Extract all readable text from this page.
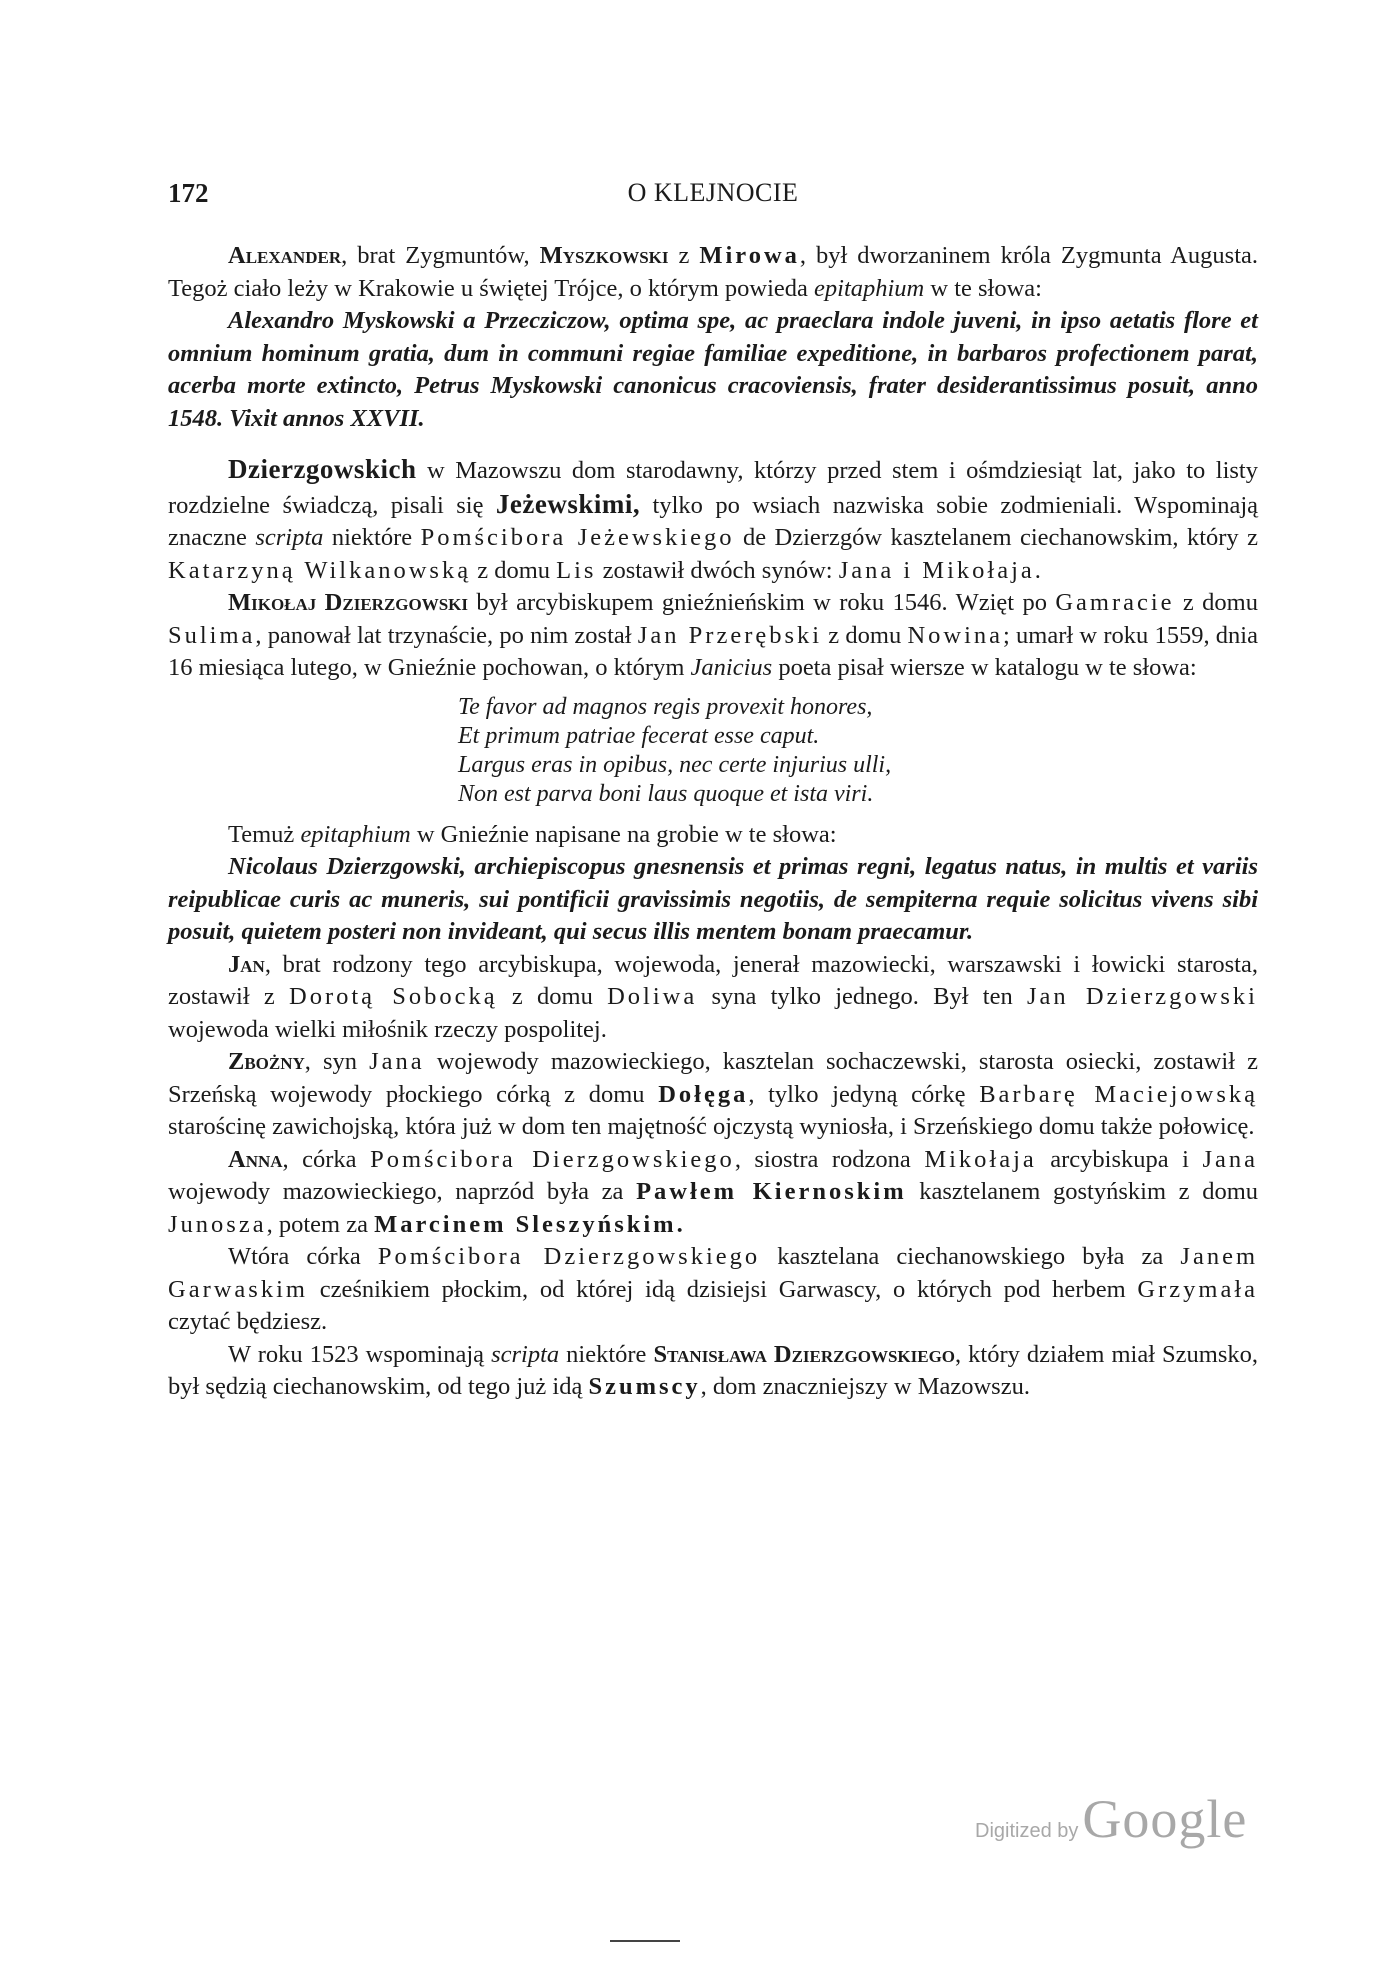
172	O KLEJNOCIE

Alexander, brat Zygmuntów, Myszkowski z Mirowa, był dworzaninem króla Zygmunta Augusta. Tegoż ciało leży w Krakowie u świętej Trójce, o którym powieda epitaphium w te słowa:

Alexandro Myskowski a Przecziczow, optima spe, ac praeclara indole juveni, in ipso aetatis flore et omnium hominum gratia, dum in communi regiae familiae expeditione, in barbaros profectionem parat, acerba morte extincto, Petrus Myskowski canonicus cracoviensis, frater desiderantissimus posuit, anno 1548. Vixit annos XXVII.

Dzierzgowskich w Mazowszu dom starodawny, którzy przed stem i ośmdziesiąt lat, jako to listy rozdzielne świadczą, pisali się Jeżewskimi, tylko po wsiach nazwiska sobie zodmieniali. Wspominają znaczne scripta niektóre Pomścibora Jeżewskiego de Dzierzgów kasztelanem ciechanowskim, który z Katarzyną Wilkanowską z domu Lis zostawił dwóch synów: Jana i Mikołaja.

Mikołaj Dzierzgowski był arcybiskupem gnieźnieńskim w roku 1546. Wzięt po Gamracie z domu Sulima, panował lat trzynaście, po nim został Jan Przerębski z domu Nowina; umarł w roku 1559, dnia 16 miesiąca lutego, w Gnieźnie pochowan, o którym Janicius poeta pisał wiersze w katalogu w te słowa:

Te favor ad magnos regis provexit honores,
Et primum patriae fecerat esse caput.
Largus eras in opibus, nec certe injurius ulli,
Non est parva boni laus quoque et ista viri.

Temuż epitaphium w Gnieźnie napisane na grobie w te słowa:

Nicolaus Dzierzgowski, archiepiscopus gnesnensis et primas regni, legatus natus, in multis et variis reipublicae curis ac muneris, sui pontificii gravissimis negotiis, de sempiterna requie solicitus vivens sibi posuit, quietem posteri non invideant, qui secus illis mentem bonam praecamur.

Jan, brat rodzony tego arcybiskupa, wojewoda, jenerał mazowiecki, warszawski i łowicki starosta, zostawił z Dorotą Sobocką z domu Doliwa syna tylko jednego. Był ten Jan Dzierzgowski wojewoda wielki miłośnik rzeczy pospolitej.

Zbożny, syn Jana wojewody mazowieckiego, kasztelan sochaczewski, starosta osiecki, zostawił z Srzeńską wojewody płockiego córką z domu Dołęga, tylko jedyną córkę Barbarę Maciejowską starościnę zawichojską, która już w dom ten majętność ojczystą wyniosła, i Srzeńskiego domu także połowicę.

Anna, córka Pomścibora Dierzgowskiego, siostra rodzona Mikołaja arcybiskupa i Jana wojewody mazowieckiego, naprzód była za Pawłem Kiernoskim kasztelanem gostyńskim z domu Junosza, potem za Marcinem Sleszyńskim.

Wtóra córka Pomścibora Dzierzgowskiego kasztelana ciechanowskiego była za Janem Garwaskim cześnikiem płockim, od której idą dzisiejsi Garwascy, o których pod herbem Grzymała czytać będziesz.

W roku 1523 wspominają scripta niektóre Stanisława Dzierzgowskiego, który działem miał Szumsko, był sędzią ciechanowskim, od tego już idą Szumscy, dom znaczniejszy w Mazowszu.

Digitized by Google
